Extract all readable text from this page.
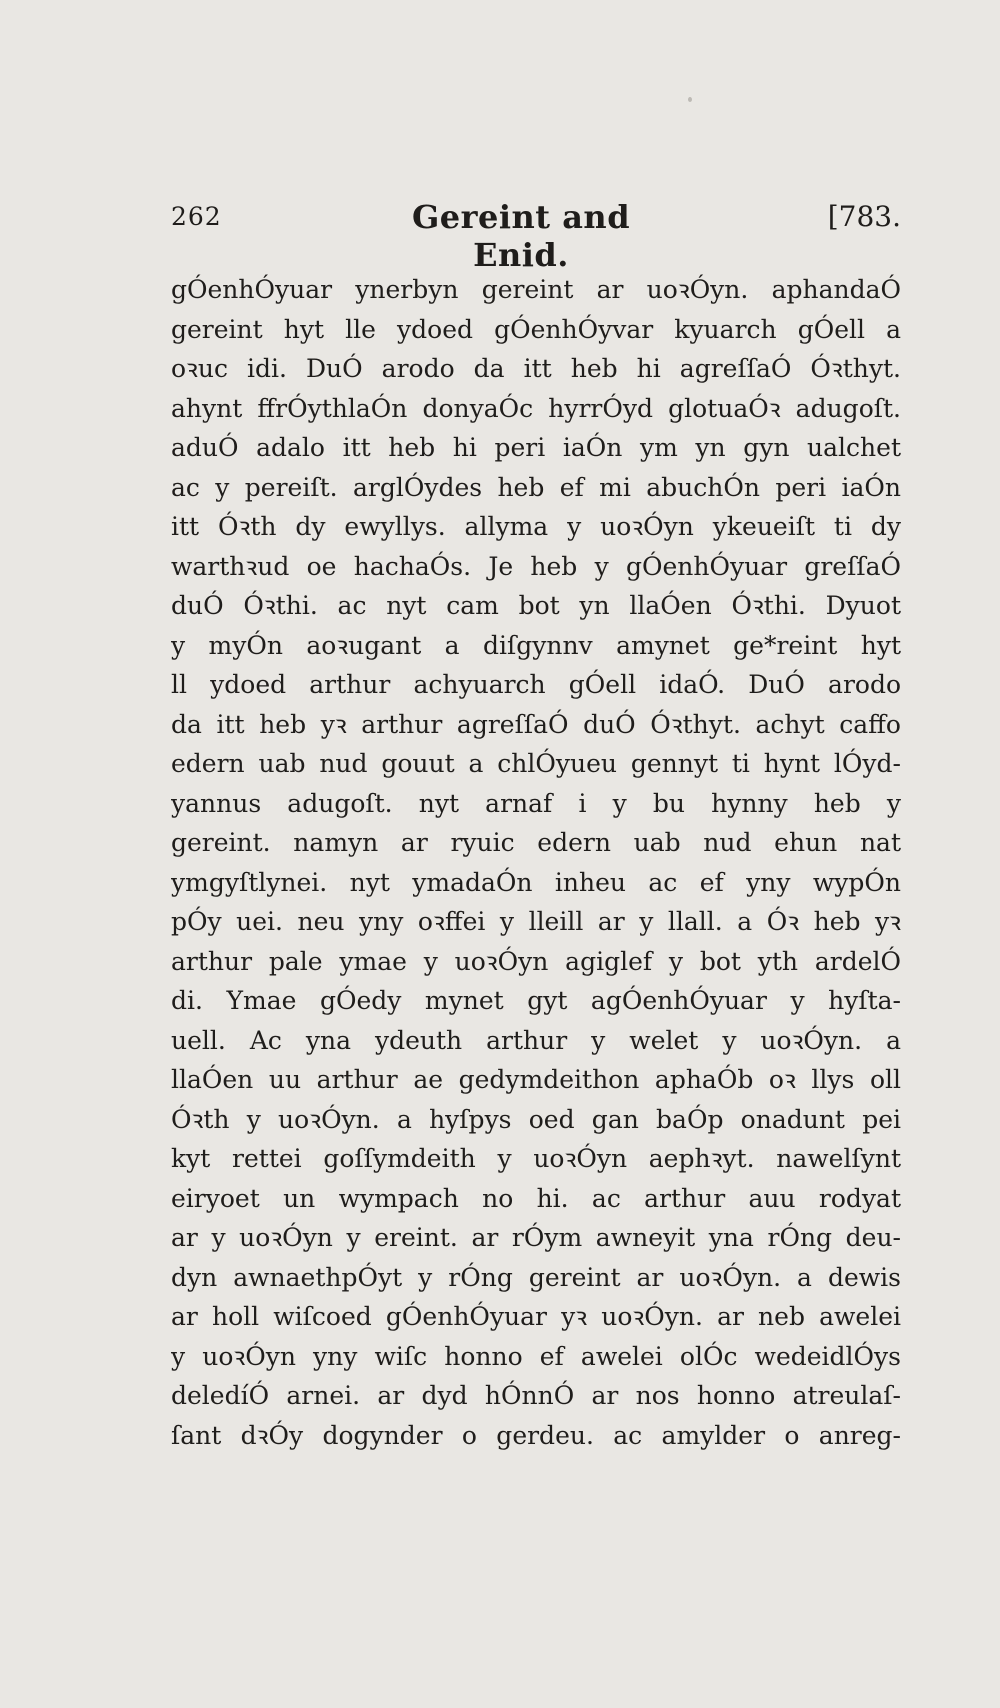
262	Gereint and Enid.
[783.
gÓenhÓyuar ynerbyn gereint ar uoꝛÓyn. aphandaÓ
gereint hyt lle ydoed gÓenhÓyvar kyuarch gÓell a
oꝛuc idi. DuÓ arodo da itt heb hi agreſſaÓ Óꝛthyt.
ahynt ffrÓythlaÓn donyaÓc hyrrÓyd glotuaÓꝛ adugoſt.
aduÓ adalo itt heb hi peri iaÓn ym yn gyn ualchet
ac y pereiſt. arglÓydes heb ef mi abuchÓn peri iaÓn
itt Óꝛth dy ewyllys. allyma y uoꝛÓyn ykeueiſt ti dy
warthꝛud oe hachaÓs. Je heb y gÓenhÓyuar greſſaÓ
duÓ Óꝛthi. ac nyt cam bot yn llaÓen Óꝛthi. Dyuot
y myÓn aoꝛugant a diſgynnv amynet ge*reint hyt
ll ydoed arthur achyuarch gÓell idaÓ. DuÓ arodo
da itt heb yꝛ arthur agreſſaÓ duÓ Óꝛthyt. achyt caffo
edern uab nud gouut a chlÓyueu gennyt ti hynt lÓyd-
yannus adugoſt. nyt arnaf i y bu hynny heb y
gereint. namyn ar ryuic edern uab nud ehun nat
ymgyſtlynei. nyt ymadaÓn inheu ac ef yny wypÓn
pÓy uei. neu yny oꝛffei y lleill ar y llall. a Óꝛ heb yꝛ
arthur pale ymae y uoꝛÓyn agiglef y bot yth ardelÓ
di. Ymae gÓedy mynet gyt agÓenhÓyuar y hyſta-
uell. Ac yna ydeuth arthur y welet y uoꝛÓyn. a
llaÓen uu arthur ae gedymdeithon aphaÓb oꝛ llys oll
Óꝛth y uoꝛÓyn. a hyſpys oed gan baÓp onadunt pei
kyt rettei goſſymdeith y uoꝛÓyn aephꝛyt. nawelſynt
eiryoet un wympach no hi. ac arthur auu rodyat
ar y uoꝛÓyn y ereint. ar rÓym awneyit yna rÓng deu-
dyn awnaethpÓyt y rÓng gereint ar uoꝛÓyn. a dewis
ar holl wiſcoed gÓenhÓyuar yꝛ uoꝛÓyn. ar neb awelei
y uoꝛÓyn yny wiſc honno ef awelei olÓc wedeidlÓys
deledíÓ arnei. ar dyd hÓnnÓ ar nos honno atreulaſ-
ſant dꝛÓy dogynder o gerdeu. ac amylder o anreg-
